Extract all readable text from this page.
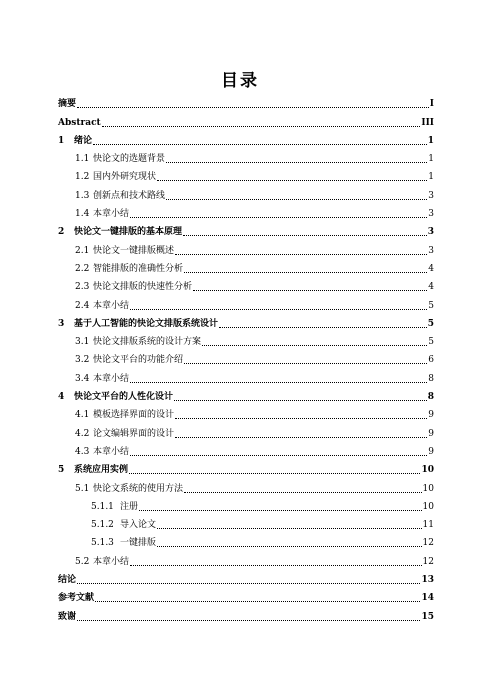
目录
摘要	I
Abstract	III
1	绪论	1
1.1 快论文的选题背景	1
1.2 国内外研究现状	1
1.3 创新点和技术路线	3
1.4 本章小结	3
2	快论文一键排版的基本原理	3
2.1 快论文一键排版概述	3
2.2 智能排版的准确性分析	4
2.3 快论文排版的快速性分析	4
2.4 本章小结	5
3	基于人工智能的快论文排版系统设计	5
3.1 快论文排版系统的设计方案	5
3.2 快论文平台的功能介绍	6
3.4 本章小结	8
4	快论文平台的人性化设计	8
4.1 模板选择界面的设计	9
4.2 论文编辑界面的设计	9
4.3 本章小结	9
5	系统应用实例	10
5.1 快论文系统的使用方法	10
5.1.1 注册	10
5.1.2 导入论文	11
5.1.3 一键排版	12
5.2 本章小结	12
结论	13
参考文献	14
致谢	15
